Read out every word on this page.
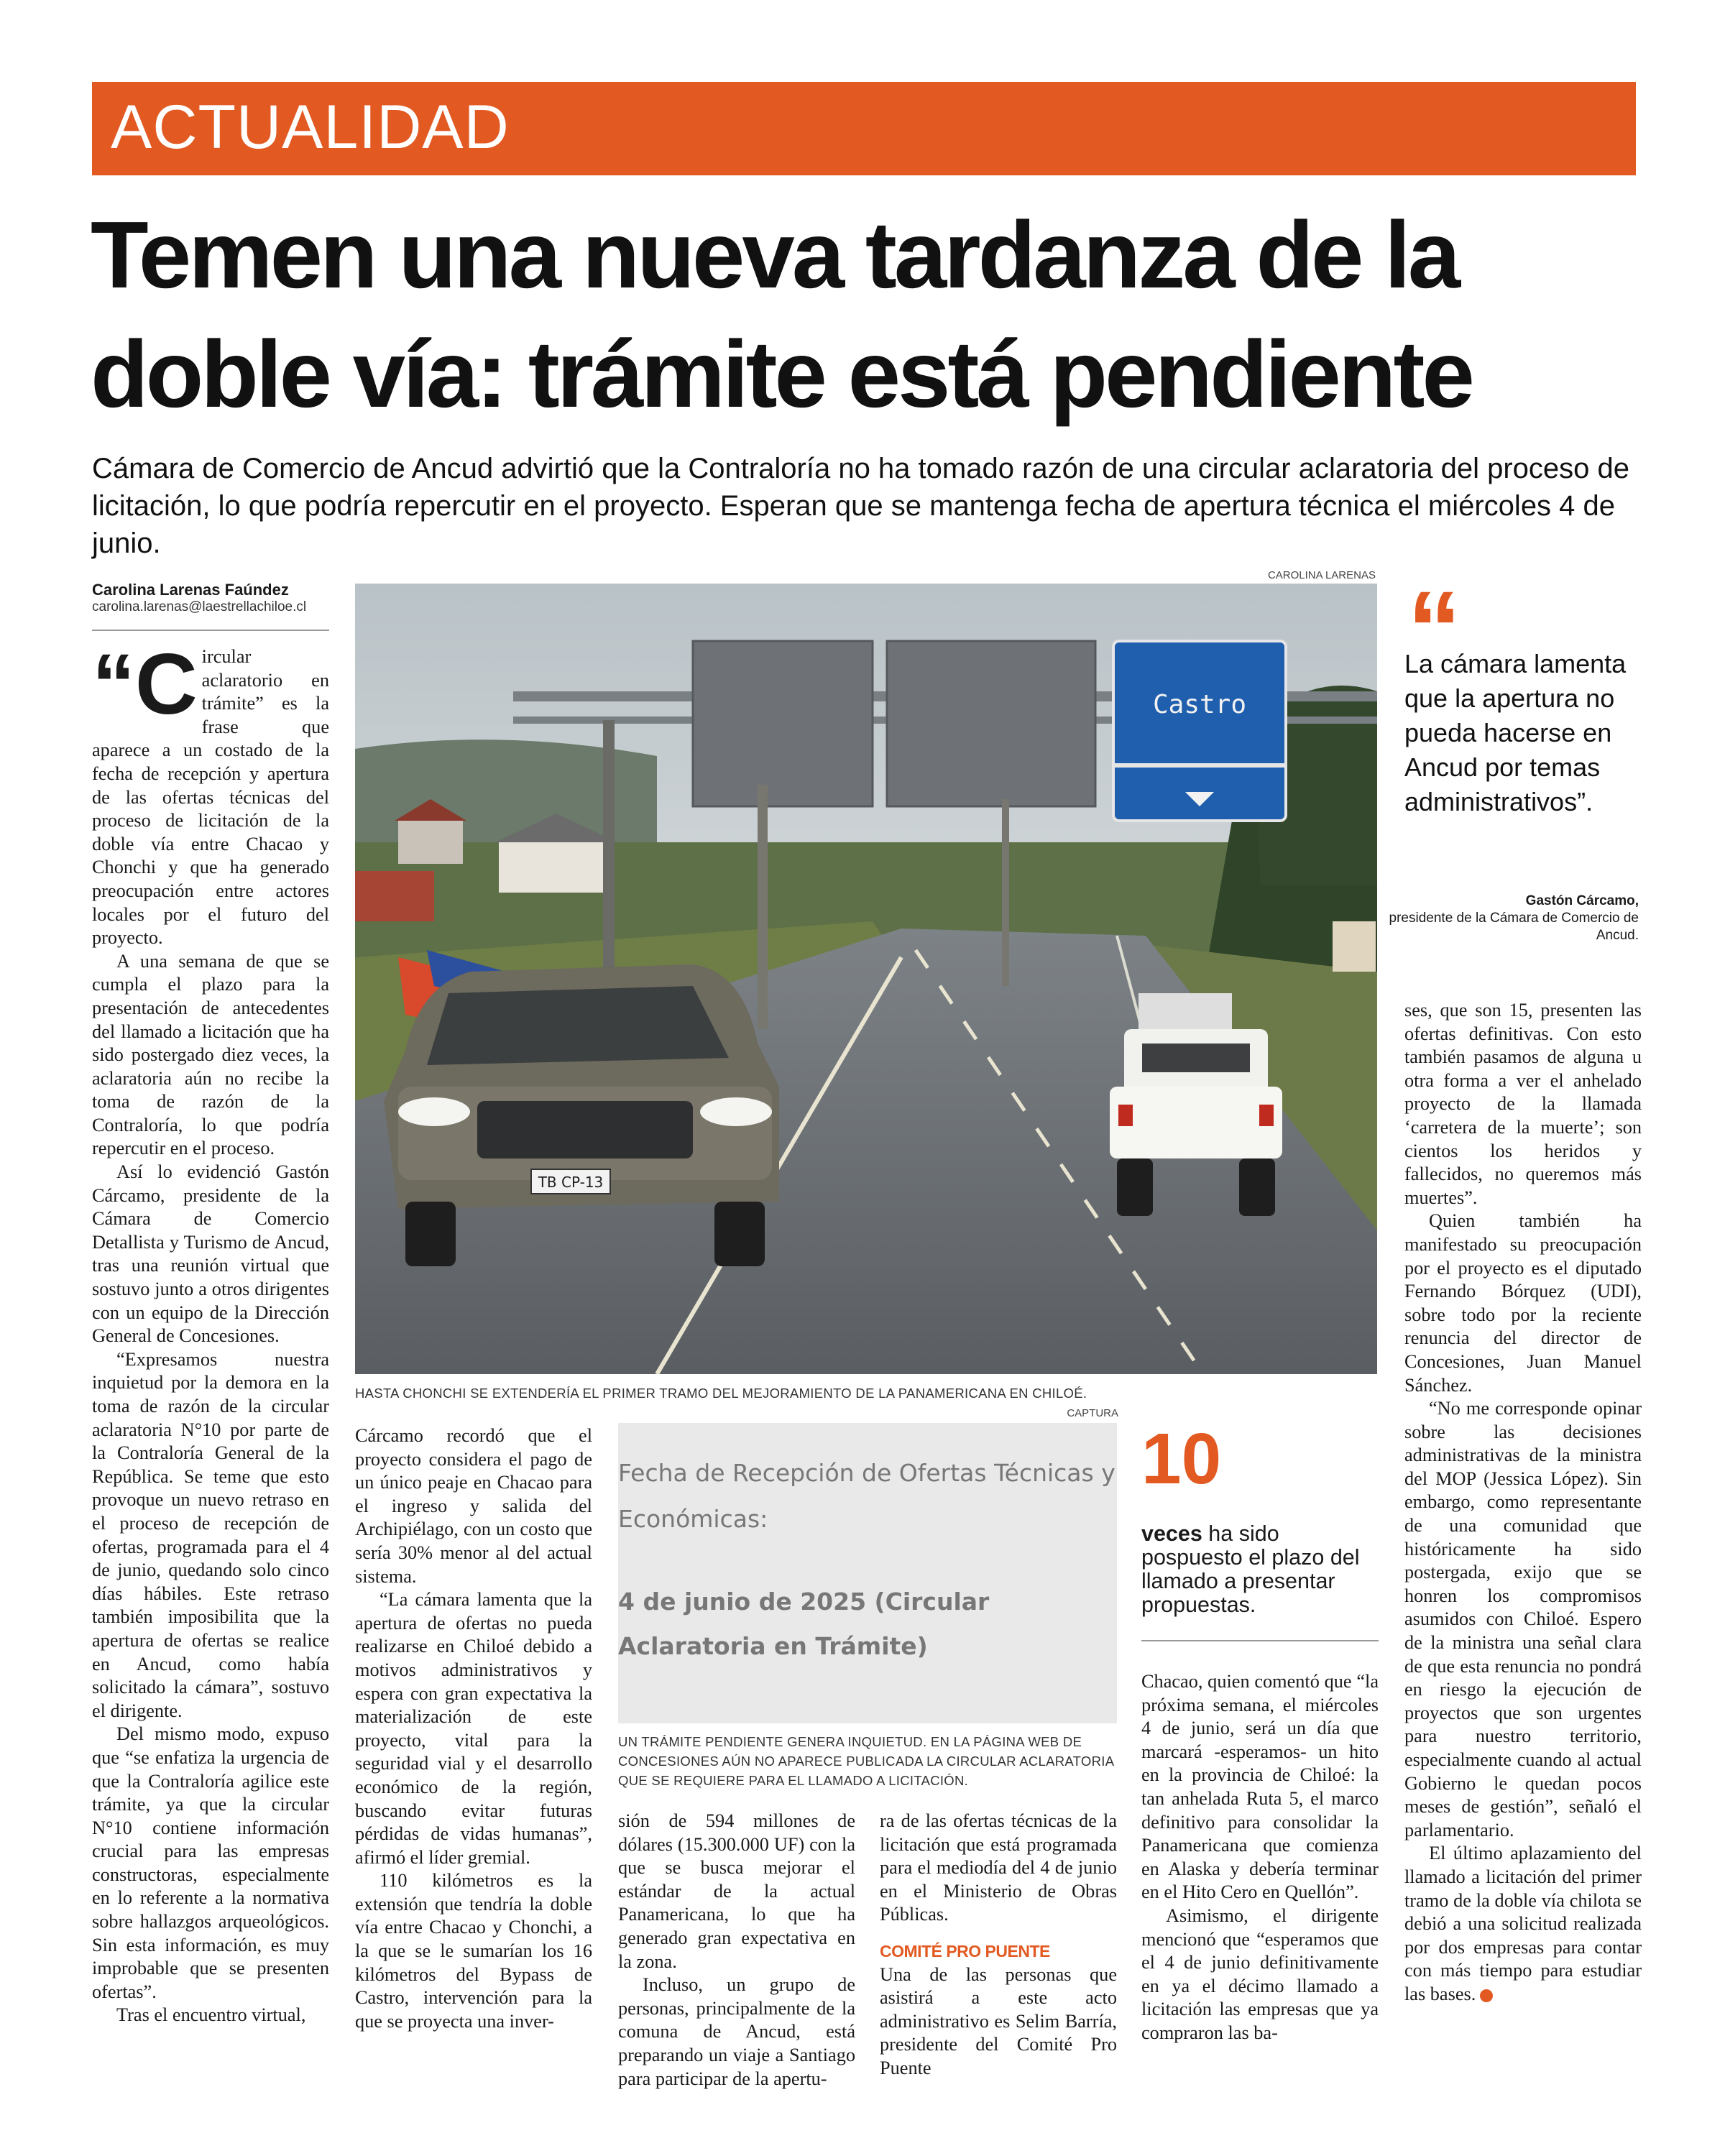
ACTUALIDAD
Temen una nueva tardanza de la doble vía: trámite está pendiente
Cámara de Comercio de Ancud advirtió que la Contraloría no ha tomado razón de una circular aclaratoria del proceso de licitación, lo que podría repercutir en el proyecto. Esperan que se mantenga fecha de apertura técnica el miércoles 4 de junio.
Carolina Larenas Faúndez
carolina.larenas@laestrellachiloe.cl

“Circular aclaratorio en trámite” es la frase que aparece a un costado de la fecha de recepción y apertura de las ofertas técnicas del proceso de licitación de la doble vía entre Chacao y Chonchi y que ha generado preocupación entre actores locales por el futuro del proyecto.

A una semana de que se cumpla el plazo para la presentación de antecedentes del llamado a licitación que ha sido postergado diez veces, la aclaratoria aún no recibe la toma de razón de la Contraloría, lo que podría repercutir en el proceso.

Así lo evidenció Gastón Cárcamo, presidente de la Cámara de Comercio Detallista y Turismo de Ancud, tras una reunión virtual que sostuvo junto a otros dirigentes con un equipo de la Dirección General de Concesiones.

“Expresamos nuestra inquietud por la demora en la toma de razón de la circular aclaratoria N°10 por parte de la Contraloría General de la República. Se teme que esto provoque un nuevo retraso en el proceso de recepción de ofertas, programada para el 4 de junio, quedando solo cinco días hábiles. Este retraso también imposibilita que la apertura de ofertas se realice en Ancud, como había solicitado la cámara”, sostuvo el dirigente.

Del mismo modo, expuso que “se enfatiza la urgencia de que la Contraloría agilice este trámite, ya que la circular N°10 contiene información crucial para las empresas constructoras, especialmente en lo referente a la normativa sobre hallazgos arqueológicos. Sin esta información, es muy improbable que se presenten ofertas”.

Tras el encuentro virtual,

CAROLINA LARENAS
Castro
TB CP-13
HASTA CHONCHI SE EXTENDERÍA EL PRIMER TRAMO DEL MEJORAMIENTO DE LA PANAMERICANA EN CHILOÉ.
CAPTURA
“
La cámara lamenta que la apertura no pueda hacerse en Ancud por temas administrativos”.
Gastón Cárcamo,
presidente de la Cámara de Comercio de Ancud.

Cárcamo recordó que el proyecto considera el pago de un único peaje en Chacao para el ingreso y salida del Archipiélago, con un costo que sería 30% menor al del actual sistema.

“La cámara lamenta que la apertura de ofertas no pueda realizarse en Chiloé debido a motivos administrativos y espera con gran expectativa la materialización de este proyecto, vital para la seguridad vial y el desarrollo económico de la región, buscando evitar futuras pérdidas de vidas humanas”, afirmó el líder gremial.

110 kilómetros es la extensión que tendría la doble vía entre Chacao y Chonchi, a la que se le sumarían los 16 kilómetros del Bypass de Castro, intervención para la que se proyecta una inver-

Fecha de Recepción de Ofertas Técnicas y Económicas:
4 de junio de 2025 (Circular Aclaratoria en Trámite)
UN TRÁMITE PENDIENTE GENERA INQUIETUD. EN LA PÁGINA WEB DE CONCESIONES AÚN NO APARECE PUBLICADA LA CIRCULAR ACLARATORIA QUE SE REQUIERE PARA EL LLAMADO A LICITACIÓN.

sión de 594 millones de dólares (15.300.000 UF) con la que se busca mejorar el estándar de la actual Panamericana, lo que ha generado gran expectativa en la zona.

Incluso, un grupo de personas, principalmente de la comuna de Ancud, está preparando un viaje a Santiago para participar de la apertu-

ra de las ofertas técnicas de la licitación que está programada para el mediodía del 4 de junio en el Ministerio de Obras Públicas.

COMITÉ PRO PUENTE

Una de las personas que asistirá a este acto administrativo es Selim Barría, presidente del Comité Pro Puente

10
veces ha sido pospuesto el plazo del llamado a presentar propuestas.

Chacao, quien comentó que “la próxima semana, el miércoles 4 de junio, será un día que marcará -esperamos- un hito en la provincia de Chiloé: la tan anhelada Ruta 5, el marco definitivo para consolidar la Panamericana que comienza en Alaska y debería terminar en el Hito Cero en Quellón”.

Asimismo, el dirigente mencionó que “esperamos que el 4 de junio definitivamente en ya el décimo llamado a licitación las empresas que ya compraron las ba-

ses, que son 15, presenten las ofertas definitivas. Con esto también pasamos de alguna u otra forma a ver el anhelado proyecto de la llamada ‘carretera de la muerte’; son cientos los heridos y fallecidos, no queremos más muertes”.

Quien también ha manifestado su preocupación por el proyecto es el diputado Fernando Bórquez (UDI), sobre todo por la reciente renuncia del director de Concesiones, Juan Manuel Sánchez.

“No me corresponde opinar sobre las decisiones administrativas de la ministra del MOP (Jessica López). Sin embargo, como representante de una comunidad que históricamente ha sido postergada, exijo que se honren los compromisos asumidos con Chiloé. Espero de la ministra una señal clara de que esta renuncia no pondrá en riesgo la ejecución de proyectos que son urgentes para nuestro territorio, especialmente cuando al actual Gobierno le quedan pocos meses de gestión”, señaló el parlamentario.

El último aplazamiento del llamado a licitación del primer tramo de la doble vía chilota se debió a una solicitud realizada por dos empresas para contar con más tiempo para estudiar las bases.
